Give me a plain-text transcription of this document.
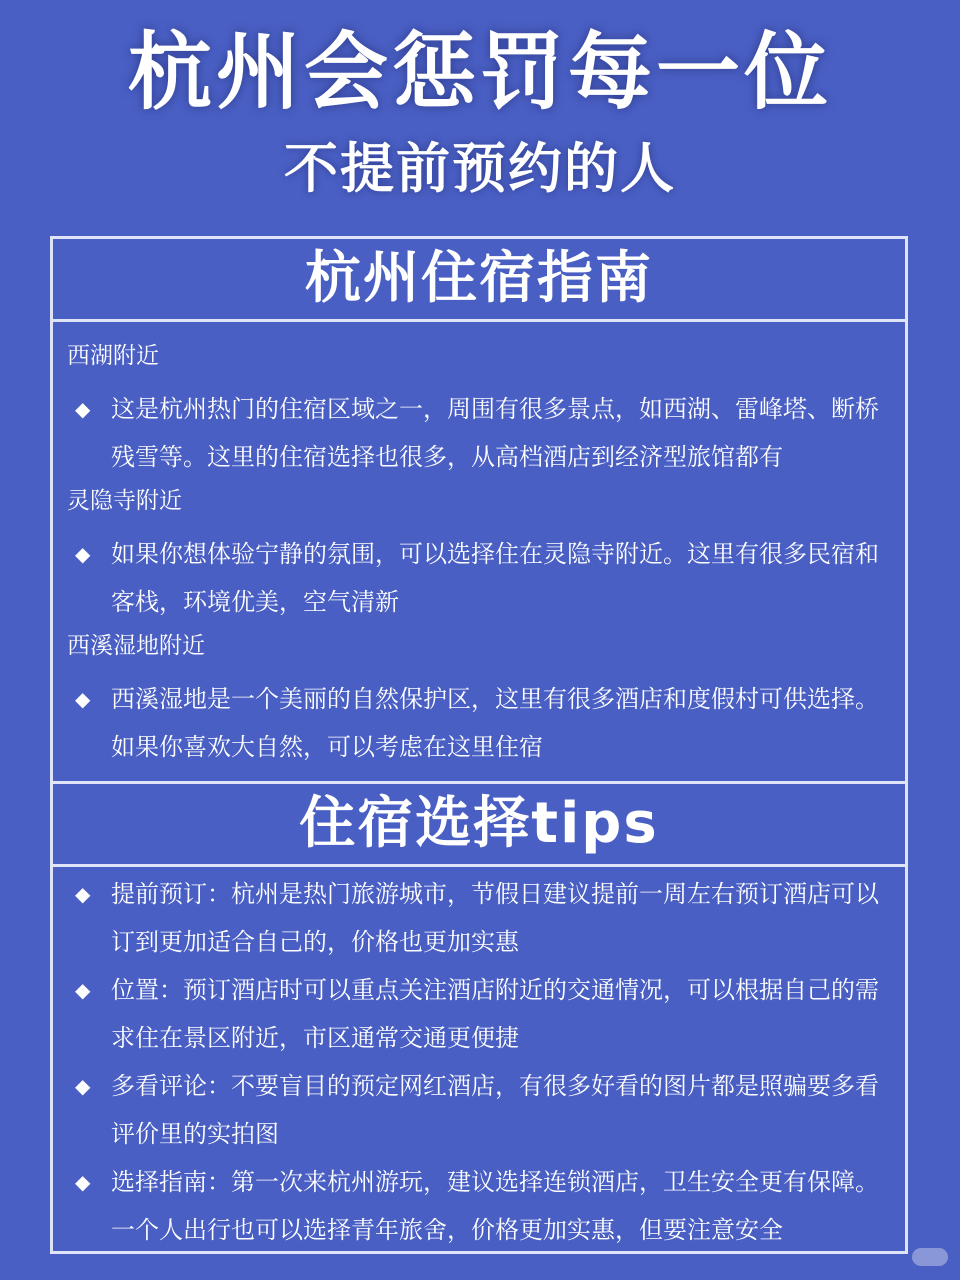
杭州会惩罚每一位
不提前预约的人
杭州住宿指南
西湖附近
◆ 这是杭州热门的住宿区域之一，周围有很多景点，如西湖、雷峰塔、断桥残雪等。这里的住宿选择也很多，从高档酒店到经济型旅馆都有
灵隐寺附近
◆ 如果你想体验宁静的氛围，可以选择住在灵隐寺附近。这里有很多民宿和客栈，环境优美，空气清新
西溪湿地附近
◆ 西溪湿地是一个美丽的自然保护区，这里有很多酒店和度假村可供选择。如果你喜欢大自然，可以考虑在这里住宿
住宿选择tips
◆ 提前预订：杭州是热门旅游城市，节假日建议提前一周左右预订酒店可以订到更加适合自己的，价格也更加实惠
◆ 位置：预订酒店时可以重点关注酒店附近的交通情况，可以根据自己的需求住在景区附近，市区通常交通更便捷
◆ 多看评论：不要盲目的预定网红酒店，有很多好看的图片都是照骗要多看评价里的实拍图
◆ 选择指南：第一次来杭州游玩，建议选择连锁酒店，卫生安全更有保障。一个人出行也可以选择青年旅舍，价格更加实惠，但要注意安全
